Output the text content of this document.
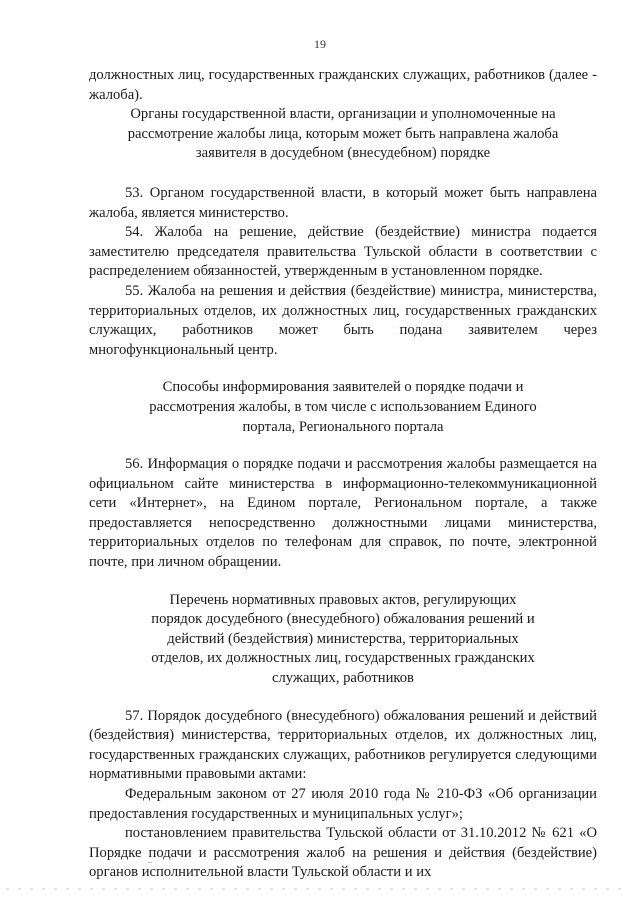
19

должностных лиц, государственных гражданских служащих, работников (далее - жалоба).

Органы государственной власти, организации и уполномоченные на рассмотрение жалобы лица, которым может быть направлена жалоба заявителя в досудебном (внесудебном) порядке

53. Органом государственной власти, в который может быть направлена жалоба, является министерство.

54. Жалоба на решение, действие (бездействие) министра подается заместителю председателя правительства Тульской области в соответствии с распределением обязанностей, утвержденным в установленном порядке.

55. Жалоба на решения и действия (бездействие) министра, министерства, территориальных отделов, их должностных лиц, государственных гражданских служащих, работников может быть подана заявителем через многофункциональный центр.

Способы информирования заявителей о порядке подачи и рассмотрения жалобы, в том числе с использованием Единого портала, Регионального портала

56. Информация о порядке подачи и рассмотрения жалобы размещается на официальном сайте министерства в информационно-телекоммуникационной сети «Интернет», на Едином портале, Региональном портале, а также предоставляется непосредственно должностными лицами министерства, территориальных отделов по телефонам для справок, по почте, электронной почте, при личном обращении.

Перечень нормативных правовых актов, регулирующих порядок досудебного (внесудебного) обжалования решений и действий (бездействия) министерства, территориальных отделов, их должностных лиц, государственных гражданских служащих, работников

57. Порядок досудебного (внесудебного) обжалования решений и действий (бездействия) министерства, территориальных отделов, их должностных лиц, государственных гражданских служащих, работников регулируется следующими нормативными правовыми актами:

Федеральным законом от 27 июля 2010 года № 210-ФЗ «Об организации предоставления государственных и муниципальных услуг»;

постановлением правительства Тульской области от 31.10.2012 № 621 «О Порядке подачи и рассмотрения жалоб на решения и действия (бездействие) органов исполнительной власти Тульской области и их
